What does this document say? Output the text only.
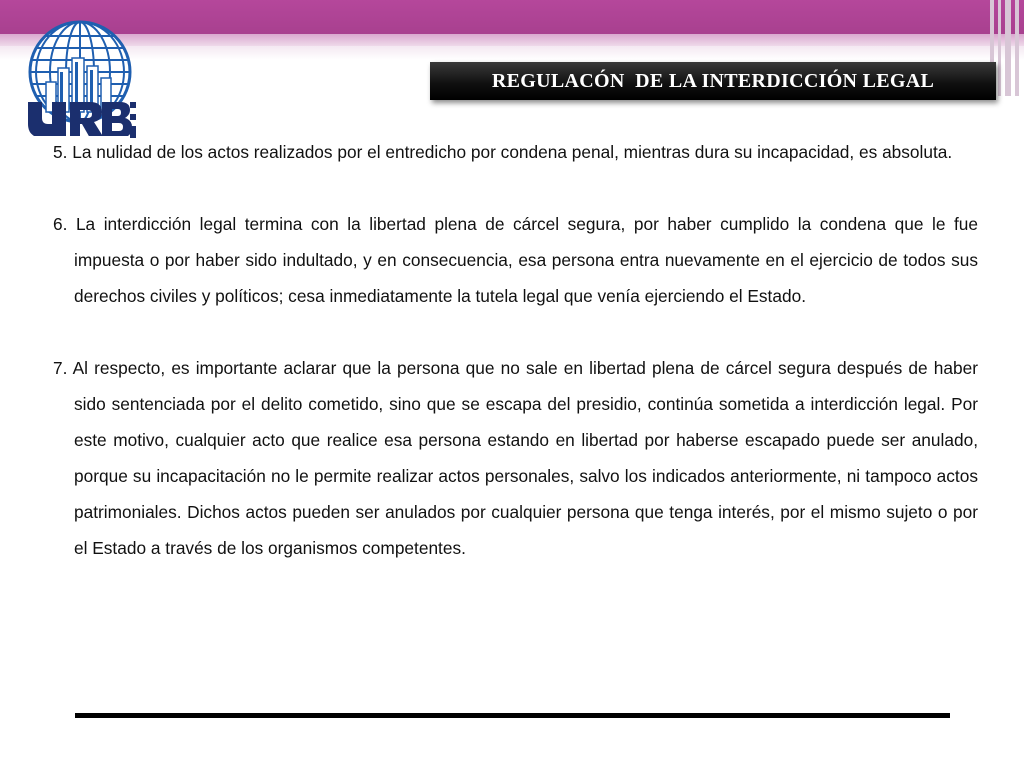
REGULACÓN  DE LA INTERDICCIÓN LEGAL

5. La nulidad de los actos realizados por el entredicho por condena penal, mientras dura su incapacidad, es absoluta.

6. La interdicción legal termina con la libertad plena de cárcel segura, por haber cumplido la condena que le fue impuesta o por haber sido indultado, y en consecuencia, esa persona entra nuevamente en el ejercicio de todos sus derechos civiles y políticos; cesa inmediatamente la tutela legal que venía ejerciendo el Estado.

7. Al respecto, es importante aclarar que la persona que no sale en libertad plena de cárcel segura después de haber sido sentenciada por el delito cometido, sino que se escapa del presidio, continúa sometida a interdicción legal. Por este motivo, cualquier acto que realice esa persona estando en libertad por haberse escapado puede ser anulado, porque su incapacitación no le permite realizar actos personales, salvo los indicados anteriormente, ni tampoco actos patrimoniales. Dichos actos pueden ser anulados por cualquier persona que tenga interés, por el mismo sujeto o por el Estado a través de los organismos competentes.
